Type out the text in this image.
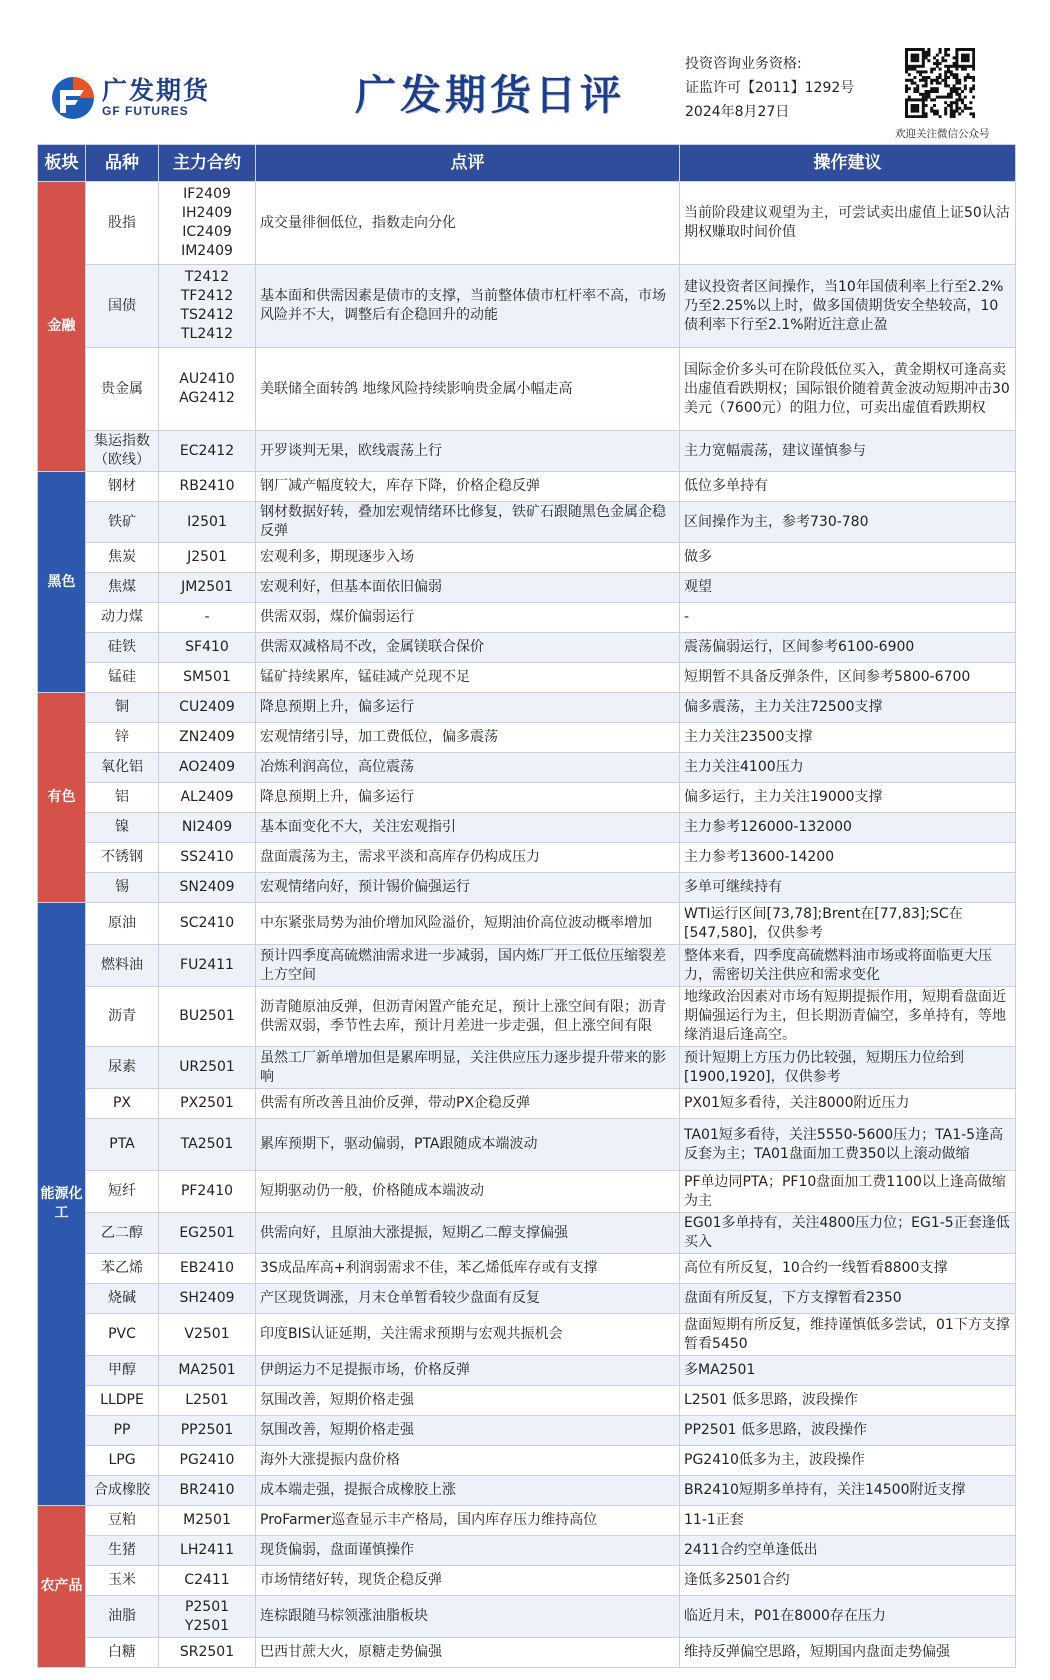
广发期货
GF FUTURES	广发期货日评
投资咨询业务资格:
证监许可【2011】1292号
2024年8月27日
欢迎关注微信公众号
板块	品种	主力合约	点评	操作建议
金融	股指	IF2409
IH2409
IC2409
IM2409	成交量徘徊低位，指数走向分化	当前阶段建议观望为主，可尝试卖出虚值上证50认沽期权赚取时间价值
	国债	T2412
TF2412
TS2412
TL2412	基本面和供需因素是债市的支撑，当前整体债市杠杆率不高，市场风险并不大，调整后有企稳回升的动能	建议投资者区间操作，当10年国债利率上行至2.2%乃至2.25%以上时，做多国债期货安全垫较高，10债利率下行至2.1%附近注意止盈
	贵金属	AU2410
AG2412	美联储全面转鸽 地缘风险持续影响贵金属小幅走高	国际金价多头可在阶段低位买入，黄金期权可逢高卖出虚值看跌期权；国际银价随着黄金波动短期冲击30美元（7600元）的阻力位，可卖出虚值看跌期权
	集运指数（欧线）	EC2412	开罗谈判无果，欧线震荡上行	主力宽幅震荡，建议谨慎参与
黑色	钢材	RB2410	钢厂减产幅度较大，库存下降，价格企稳反弹	低位多单持有
	铁矿	I2501	钢材数据好转，叠加宏观情绪环比修复，铁矿石跟随黑色金属企稳反弹	区间操作为主，参考730-780
	焦炭	J2501	宏观利多，期现逐步入场	做多
	焦煤	JM2501	宏观利好，但基本面依旧偏弱	观望
	动力煤	-	供需双弱，煤价偏弱运行	-
	硅铁	SF410	供需双减格局不改，金属镁联合保价	震荡偏弱运行，区间参考6100-6900
	锰硅	SM501	锰矿持续累库，锰硅减产兑现不足	短期暂不具备反弹条件，区间参考5800-6700
有色	铜	CU2409	降息预期上升，偏多运行	偏多震荡，主力关注72500支撑
	锌	ZN2409	宏观情绪引导，加工费低位，偏多震荡	主力关注23500支撑
	氧化铝	AO2409	冶炼利润高位，高位震荡	主力关注4100压力
	铝	AL2409	降息预期上升，偏多运行	偏多运行，主力关注19000支撑
	镍	NI2409	基本面变化不大，关注宏观指引	主力参考126000-132000
	不锈钢	SS2410	盘面震荡为主，需求平淡和高库存仍构成压力	主力参考13600-14200
	锡	SN2409	宏观情绪向好，预计锡价偏强运行	多单可继续持有
能源化工	原油	SC2410	中东紧张局势为油价增加风险溢价，短期油价高位波动概率增加	WTI运行区间[73,78];Brent在[77,83];SC在[547,580]，仅供参考
	燃料油	FU2411	预计四季度高硫燃油需求进一步减弱，国内炼厂开工低位压缩裂差上方空间	整体来看，四季度高硫燃料油市场或将面临更大压力，需密切关注供应和需求变化
	沥青	BU2501	沥青随原油反弹，但沥青闲置产能充足，预计上涨空间有限；沥青供需双弱，季节性去库，预计月差进一步走强，但上涨空间有限	地缘政治因素对市场有短期提振作用，短期看盘面近期偏强运行为主，但长期沥青偏空，多单持有，等地缘消退后逢高空。
	尿素	UR2501	虽然工厂新单增加但是累库明显，关注供应压力逐步提升带来的影响	预计短期上方压力仍比较强，短期压力位给到[1900,1920]，仅供参考
	PX	PX2501	供需有所改善且油价反弹，带动PX企稳反弹	PX01短多看待，关注8000附近压力
	PTA	TA2501	累库预期下，驱动偏弱，PTA跟随成本端波动	TA01短多看待，关注5550-5600压力；TA1-5逢高反套为主；TA01盘面加工费350以上滚动做缩
	短纤	PF2410	短期驱动仍一般，价格随成本端波动	PF单边同PTA；PF10盘面加工费1100以上逢高做缩为主
	乙二醇	EG2501	供需向好，且原油大涨提振，短期乙二醇支撑偏强	EG01多单持有，关注4800压力位；EG1-5正套逢低买入
	苯乙烯	EB2410	3S成品库高+利润弱需求不佳，苯乙烯低库存或有支撑	高位有所反复，10合约一线暂看8800支撑
	烧碱	SH2409	产区现货调涨，月末仓单暂看较少盘面有反复	盘面有所反复，下方支撑暂看2350
	PVC	V2501	印度BIS认证延期，关注需求预期与宏观共振机会	盘面短期有所反复，维持谨慎低多尝试，01下方支撑暂看5450
	甲醇	MA2501	伊朗运力不足提振市场，价格反弹	多MA2501
	LLDPE	L2501	氛围改善，短期价格走强	L2501 低多思路，波段操作
	PP	PP2501	氛围改善，短期价格走强	PP2501 低多思路，波段操作
	LPG	PG2410	海外大涨提振内盘价格	PG2410低多为主，波段操作
	合成橡胶	BR2410	成本端走强，提振合成橡胶上涨	BR2410短期多单持有，关注14500附近支撑
农产品	豆粕	M2501	ProFarmer巡查显示丰产格局，国内库存压力维持高位	11-1正套
	生猪	LH2411	现货偏弱，盘面谨慎操作	2411合约空单逢低出
	玉米	C2411	市场情绪好转，现货企稳反弹	逢低多2501合约
	油脂	P2501
Y2501	连棕跟随马棕领涨油脂板块	临近月末，P01在8000存在压力
	白糖	SR2501	巴西甘蔗大火，原糖走势偏强	维持反弹偏空思路，短期国内盘面走势偏强
